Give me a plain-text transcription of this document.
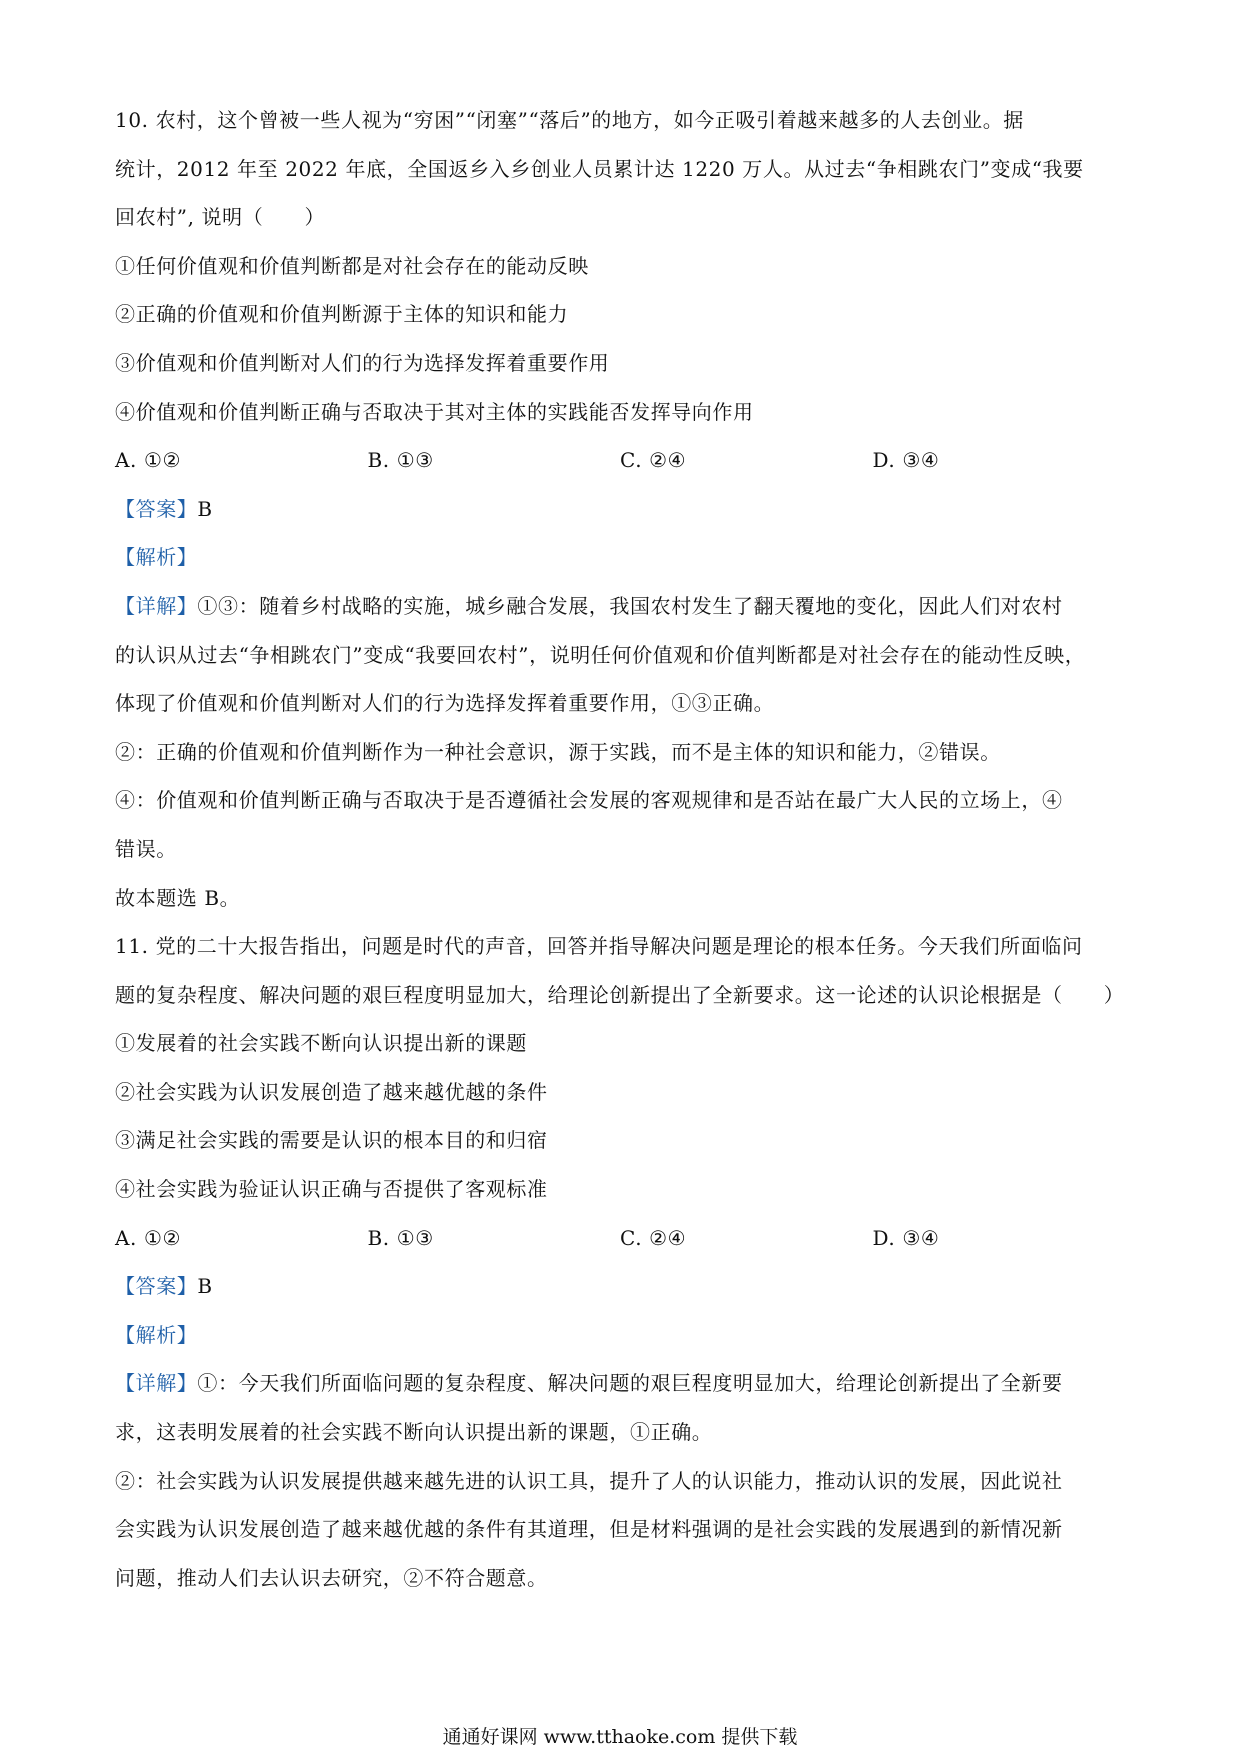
10. 农村，这个曾被一些人视为“穷困”“闭塞”“落后”的地方，如今正吸引着越来越多的人去创业。据
统计，2012 年至 2022 年底，全国返乡入乡创业人员累计达 1220 万人。从过去“争相跳农门”变成“我要
回农村”, 说明（　　）
①任何价值观和价值判断都是对社会存在的能动反映
②正确的价值观和价值判断源于主体的知识和能力
③价值观和价值判断对人们的行为选择发挥着重要作用
④价值观和价值判断正确与否取决于其对主体的实践能否发挥导向作用
A. ①②	B. ①③	C. ②④	D. ③④
【答案】B
【解析】
【详解】①③：随着乡村战略的实施，城乡融合发展，我国农村发生了翻天覆地的变化，因此人们对农村
的认识从过去“争相跳农门”变成“我要回农村”，说明任何价值观和价值判断都是对社会存在的能动性反映，
体现了价值观和价值判断对人们的行为选择发挥着重要作用，①③正确。
②：正确的价值观和价值判断作为一种社会意识，源于实践，而不是主体的知识和能力，②错误。
④：价值观和价值判断正确与否取决于是否遵循社会发展的客观规律和是否站在最广大人民的立场上，④
错误。
故本题选 B。
11. 党的二十大报告指出，问题是时代的声音，回答并指导解决问题是理论的根本任务。今天我们所面临问
题的复杂程度、解决问题的艰巨程度明显加大，给理论创新提出了全新要求。这一论述的认识论根据是（　　）
①发展着的社会实践不断向认识提出新的课题
②社会实践为认识发展创造了越来越优越的条件
③满足社会实践的需要是认识的根本目的和归宿
④社会实践为验证认识正确与否提供了客观标准
A. ①②	B. ①③	C. ②④	D. ③④
【答案】B
【解析】
【详解】①：今天我们所面临问题的复杂程度、解决问题的艰巨程度明显加大，给理论创新提出了全新要
求，这表明发展着的社会实践不断向认识提出新的课题，①正确。
②：社会实践为认识发展提供越来越先进的认识工具，提升了人的认识能力，推动认识的发展，因此说社
会实践为认识发展创造了越来越优越的条件有其道理，但是材料强调的是社会实践的发展遇到的新情况新
问题，推动人们去认识去研究，②不符合题意。
通通好课网 www.tthaoke.com 提供下载
